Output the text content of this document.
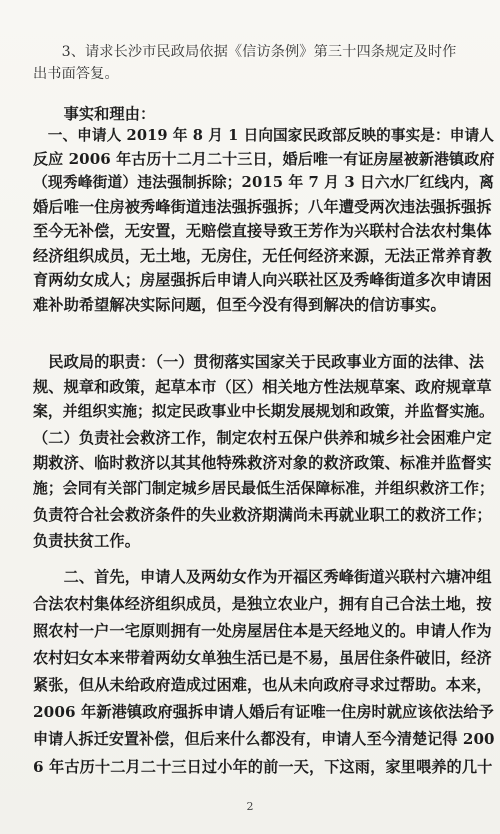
　　3、请求长沙市民政局依据《信访条例》第三十四条规定及时作
出书面答复。
　　事实和理由：
　一、申请人 2019 年 8 月 1 日向国家民政部反映的事实是：申请人
反应 2006 年古历十二月二十三日，婚后唯一有证房屋被新港镇政府
（现秀峰街道）违法强制拆除；2015 年 7 月 3 日六水厂红线内，离
婚后唯一住房被秀峰街道违法强拆强拆；八年遭受两次违法强拆强拆
至今无补偿，无安置，无赔偿直接导致王芳作为兴联村合法农村集体
经济组织成员，无土地，无房住，无任何经济来源，无法正常养育教
育两幼女成人；房屋强拆后申请人向兴联社区及秀峰街道多次申请困
难补助希望解决实际问题，但至今没有得到解决的信访事实。
　民政局的职责：（一）贯彻落实国家关于民政事业方面的法律、法
规、规章和政策，起草本市（区）相关地方性法规草案、政府规章草
案，并组织实施；拟定民政事业中长期发展规划和政策，并监督实施。
（二）负责社会救济工作，制定农村五保户供养和城乡社会困难户定
期救济、临时救济以其其他特殊救济对象的救济政策、标准并监督实
施；会同有关部门制定城乡居民最低生活保障标准，并组织救济工作；
负责符合社会救济条件的失业救济期满尚未再就业职工的救济工作；
负责扶贫工作。
　　二、首先，申请人及两幼女作为开福区秀峰街道兴联村六塘冲组
合法农村集体经济组织成员，是独立农业户，拥有自己合法土地，按
照农村一户一宅原则拥有一处房屋居住本是天经地义的。申请人作为
农村妇女本来带着两幼女单独生活已是不易，虽居住条件破旧，经济
紧张，但从未给政府造成过困难，也从未向政府寻求过帮助。本来，
2006 年新港镇政府强拆申请人婚后有证唯一住房时就应该依法给予
申请人拆迁安置补偿，但后来什么都没有，申请人至今清楚记得 200
6 年古历十二月二十三日过小年的前一天，下这雨，家里喂养的几十
2
